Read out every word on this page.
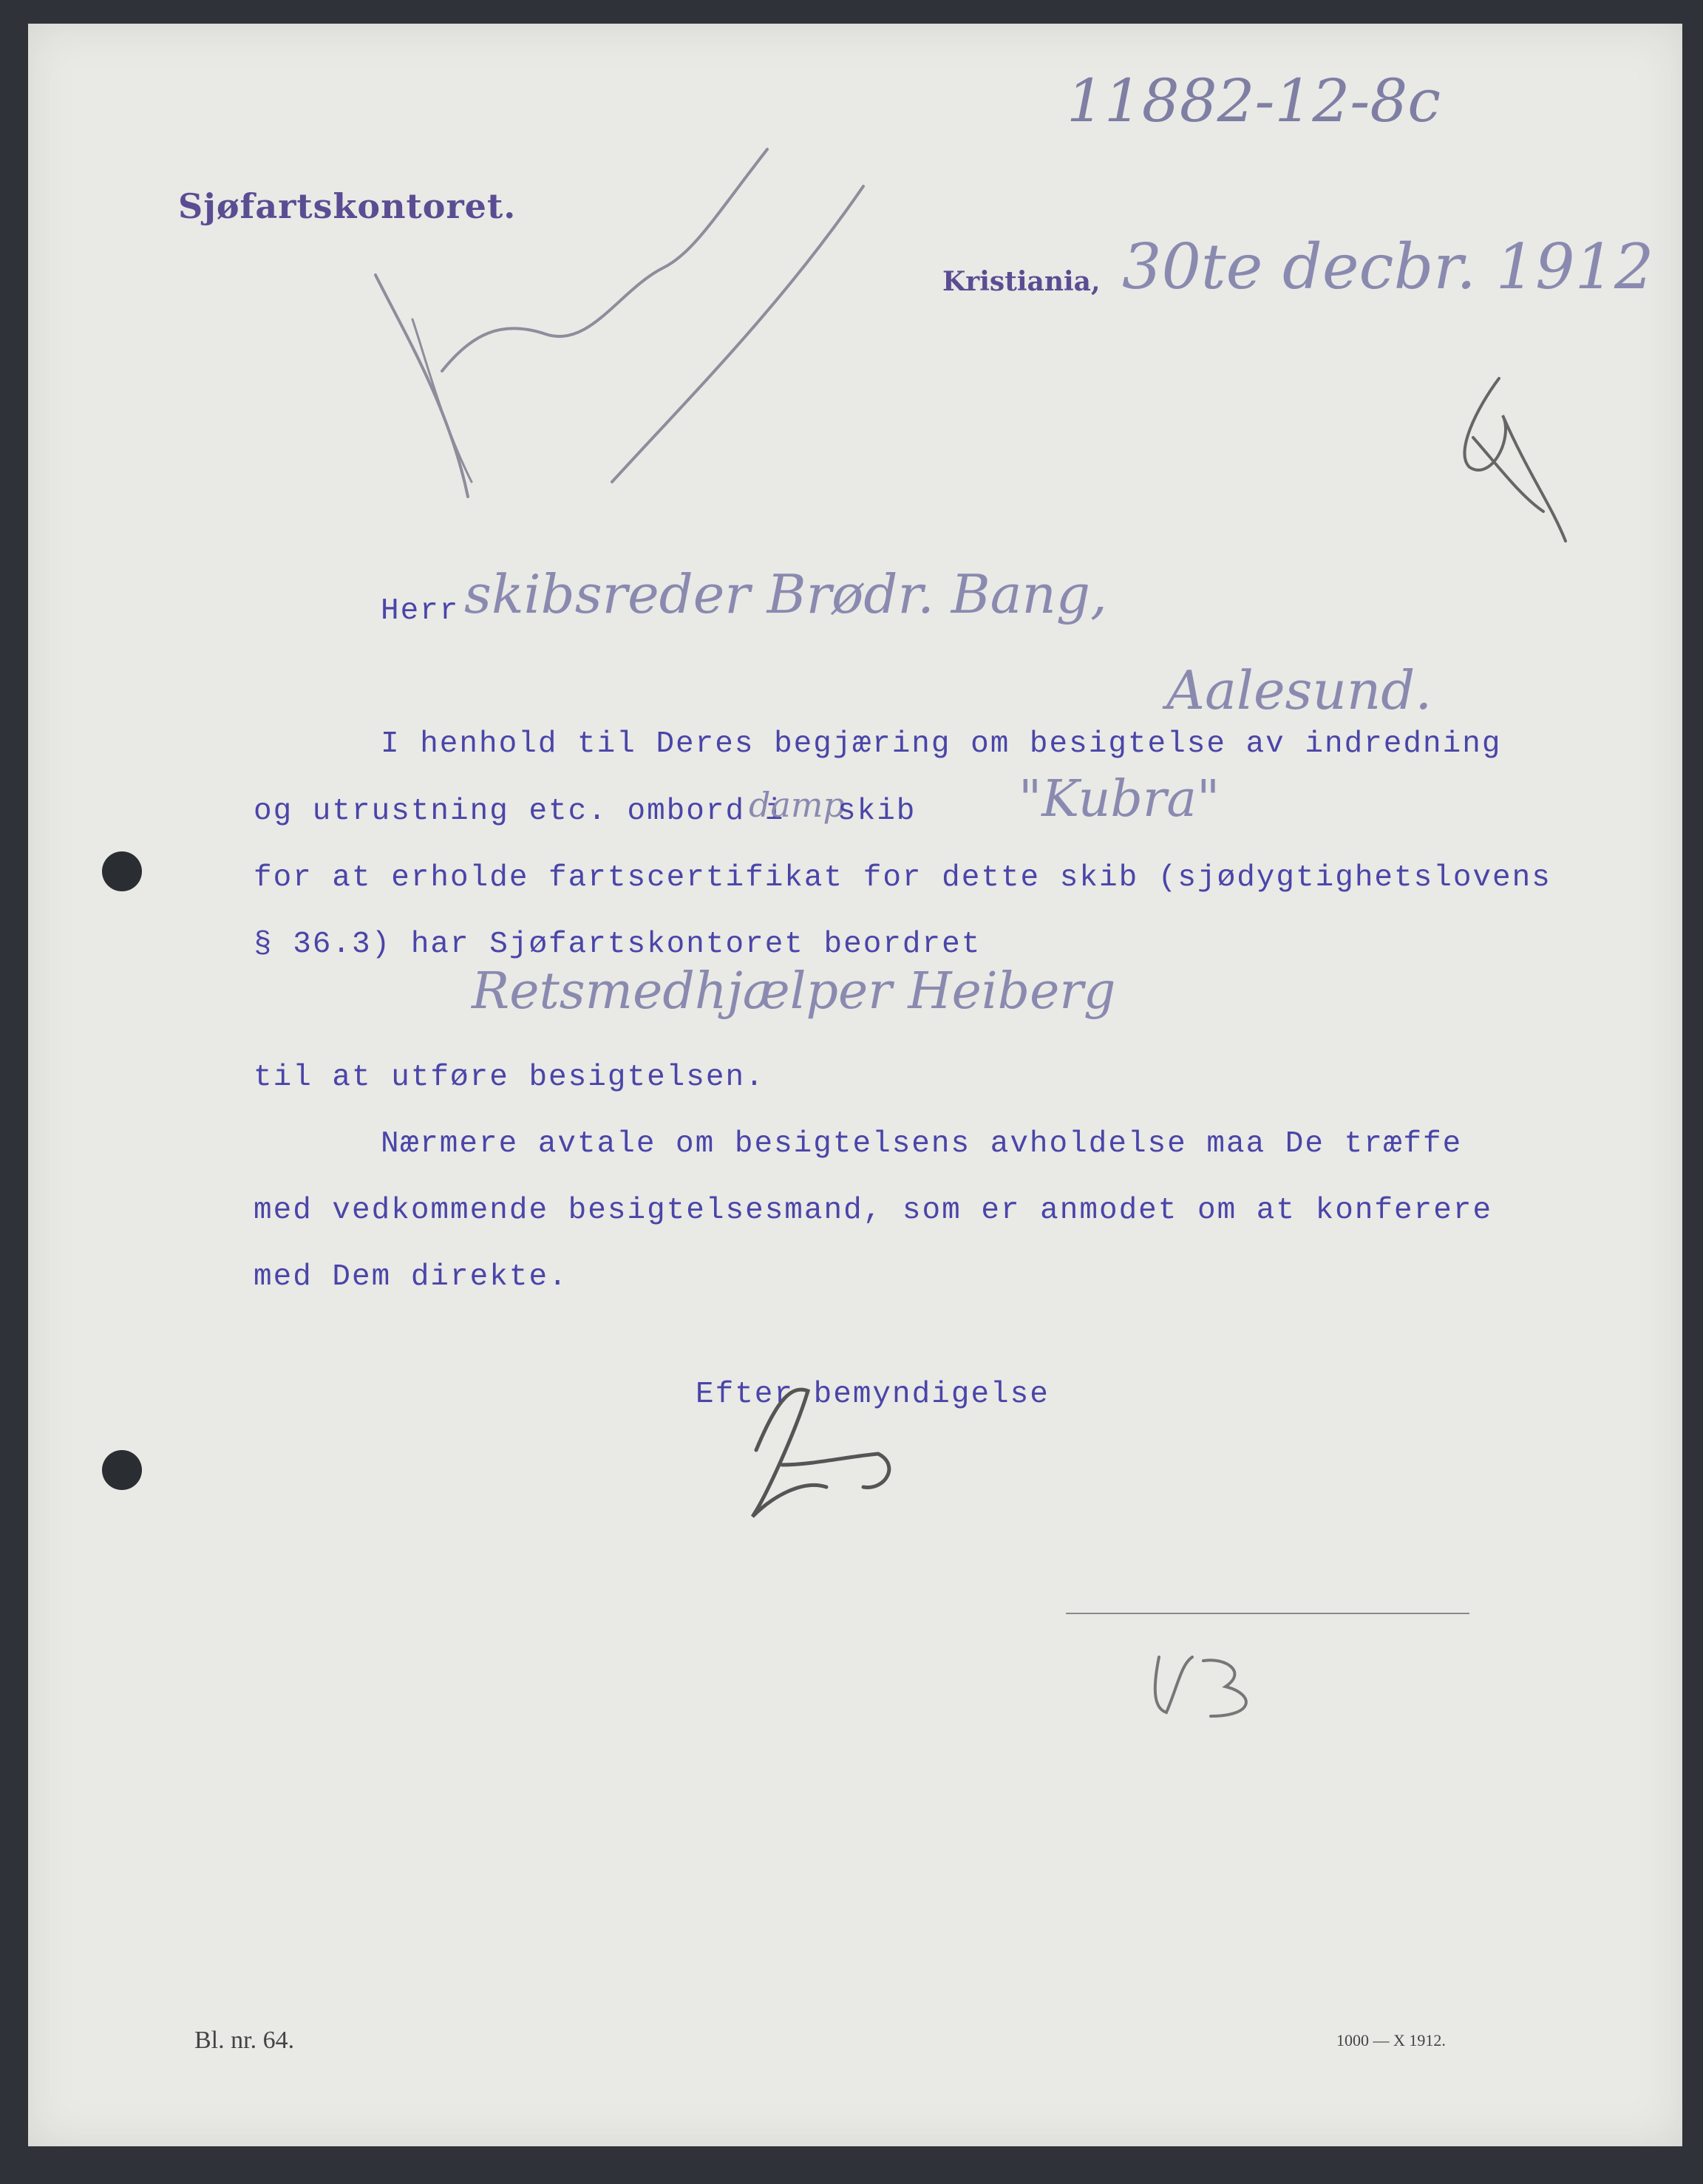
11882-12-8c
Sjøfartskontoret.
Kristiania, 30te decbr. 1912
Herr skibsreder Brødr. Bang,
Aalesund.
I henhold til Deres begjæring om besigtelse av indredning
og utrustning etc. ombord i
damp
skib "Kubra"
for at erholde fartscertifikat for dette skib (sjødygtighetslovens
§ 36.3) har Sjøfartskontoret beordret
Retsmedhjælper Heiberg
til at utføre besigtelsen.
Nærmere avtale om besigtelsens avholdelse maa De træffe
med vedkommende besigtelsesmand, som er anmodet om at konferere
med Dem direkte.
Efter bemyndigelse
Bl. nr. 64.	1000 — X 1912.
